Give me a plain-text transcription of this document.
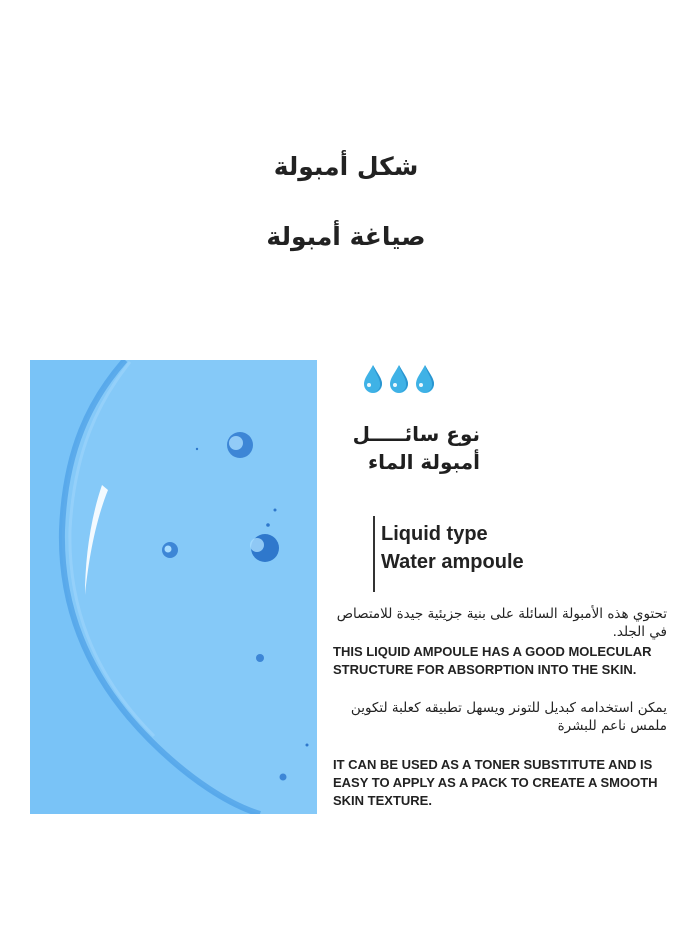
شكل أمبولة
صياغة أمبولة
نوع سائـــــل
أمبولة الماء
Liquid type
Water ampoule
تحتوي هذه الأمبولة السائلة على بنية جزيئية جيدة للامتصاص في الجلد.
THIS LIQUID AMPOULE HAS A GOOD MOLECULAR STRUCTURE FOR ABSORPTION INTO THE SKIN.
يمكن استخدامه كبديل للتونر ويسهل تطبيقه كعلبة لتكوين ملمس ناعم للبشرة
IT CAN BE USED AS A TONER SUBSTITUTE AND IS EASY TO APPLY AS A PACK TO CREATE A SMOOTH SKIN TEXTURE.
